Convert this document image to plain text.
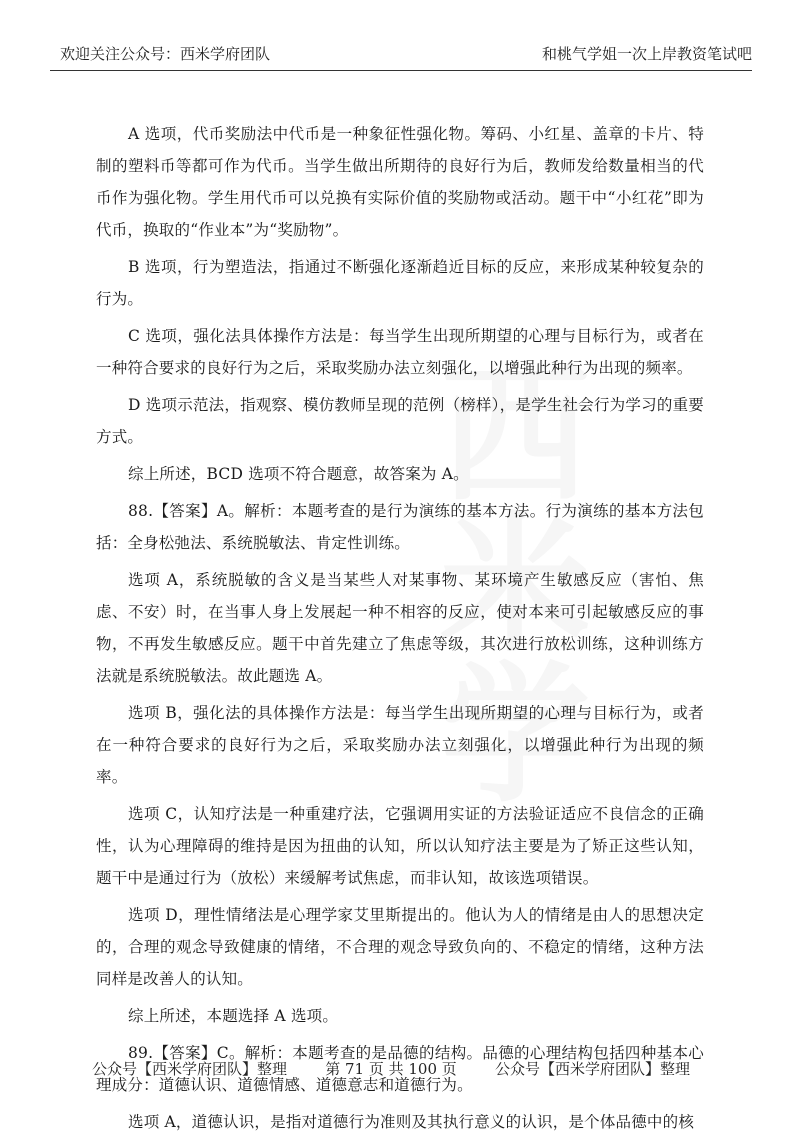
欢迎关注公众号：西米学府团队	和桃气学姐一次上岸教资笔试吧
西
米
学

A 选项，代币奖励法中代币是一种象征性强化物。筹码、小红星、盖章的卡片、特制的塑料币等都可作为代币。当学生做出所期待的良好行为后，教师发给数量相当的代币作为强化物。学生用代币可以兑换有实际价值的奖励物或活动。题干中“小红花”即为代币，换取的“作业本”为“奖励物”。

B 选项，行为塑造法，指通过不断强化逐渐趋近目标的反应，来形成某种较复杂的行为。

C 选项，强化法具体操作方法是：每当学生出现所期望的心理与目标行为，或者在一种符合要求的良好行为之后，采取奖励办法立刻强化，以增强此种行为出现的频率。

D 选项示范法，指观察、模仿教师呈现的范例（榜样），是学生社会行为学习的重要方式。

综上所述，BCD 选项不符合题意，故答案为 A。

88.【答案】A。解析：本题考查的是行为演练的基本方法。行为演练的基本方法包括：全身松弛法、系统脱敏法、肯定性训练。

选项 A，系统脱敏的含义是当某些人对某事物、某环境产生敏感反应（害怕、焦虑、不安）时，在当事人身上发展起一种不相容的反应，使对本来可引起敏感反应的事物，不再发生敏感反应。题干中首先建立了焦虑等级，其次进行放松训练，这种训练方法就是系统脱敏法。故此题选 A。

选项 B，强化法的具体操作方法是：每当学生出现所期望的心理与目标行为，或者在一种符合要求的良好行为之后，采取奖励办法立刻强化，以增强此种行为出现的频率。

选项 C，认知疗法是一种重建疗法，它强调用实证的方法验证适应不良信念的正确性，认为心理障碍的维持是因为扭曲的认知，所以认知疗法主要是为了矫正这些认知，题干中是通过行为（放松）来缓解考试焦虑，而非认知，故该选项错误。

选项 D，理性情绪法是心理学家艾里斯提出的。他认为人的情绪是由人的思想决定的，合理的观念导致健康的情绪，不合理的观念导致负向的、不稳定的情绪，这种方法同样是改善人的认知。

综上所述，本题选择 A 选项。

89.【答案】C。解析：本题考查的是品德的结构。品德的心理结构包括四种基本心理成分：道德认识、道德情感、道德意志和道德行为。

选项 A，道德认识，是指对道德行为准则及其执行意义的认识，是个体品德中的核

公众号【西米学府团队】整理	第 71 页 共 100 页	公众号【西米学府团队】整理
